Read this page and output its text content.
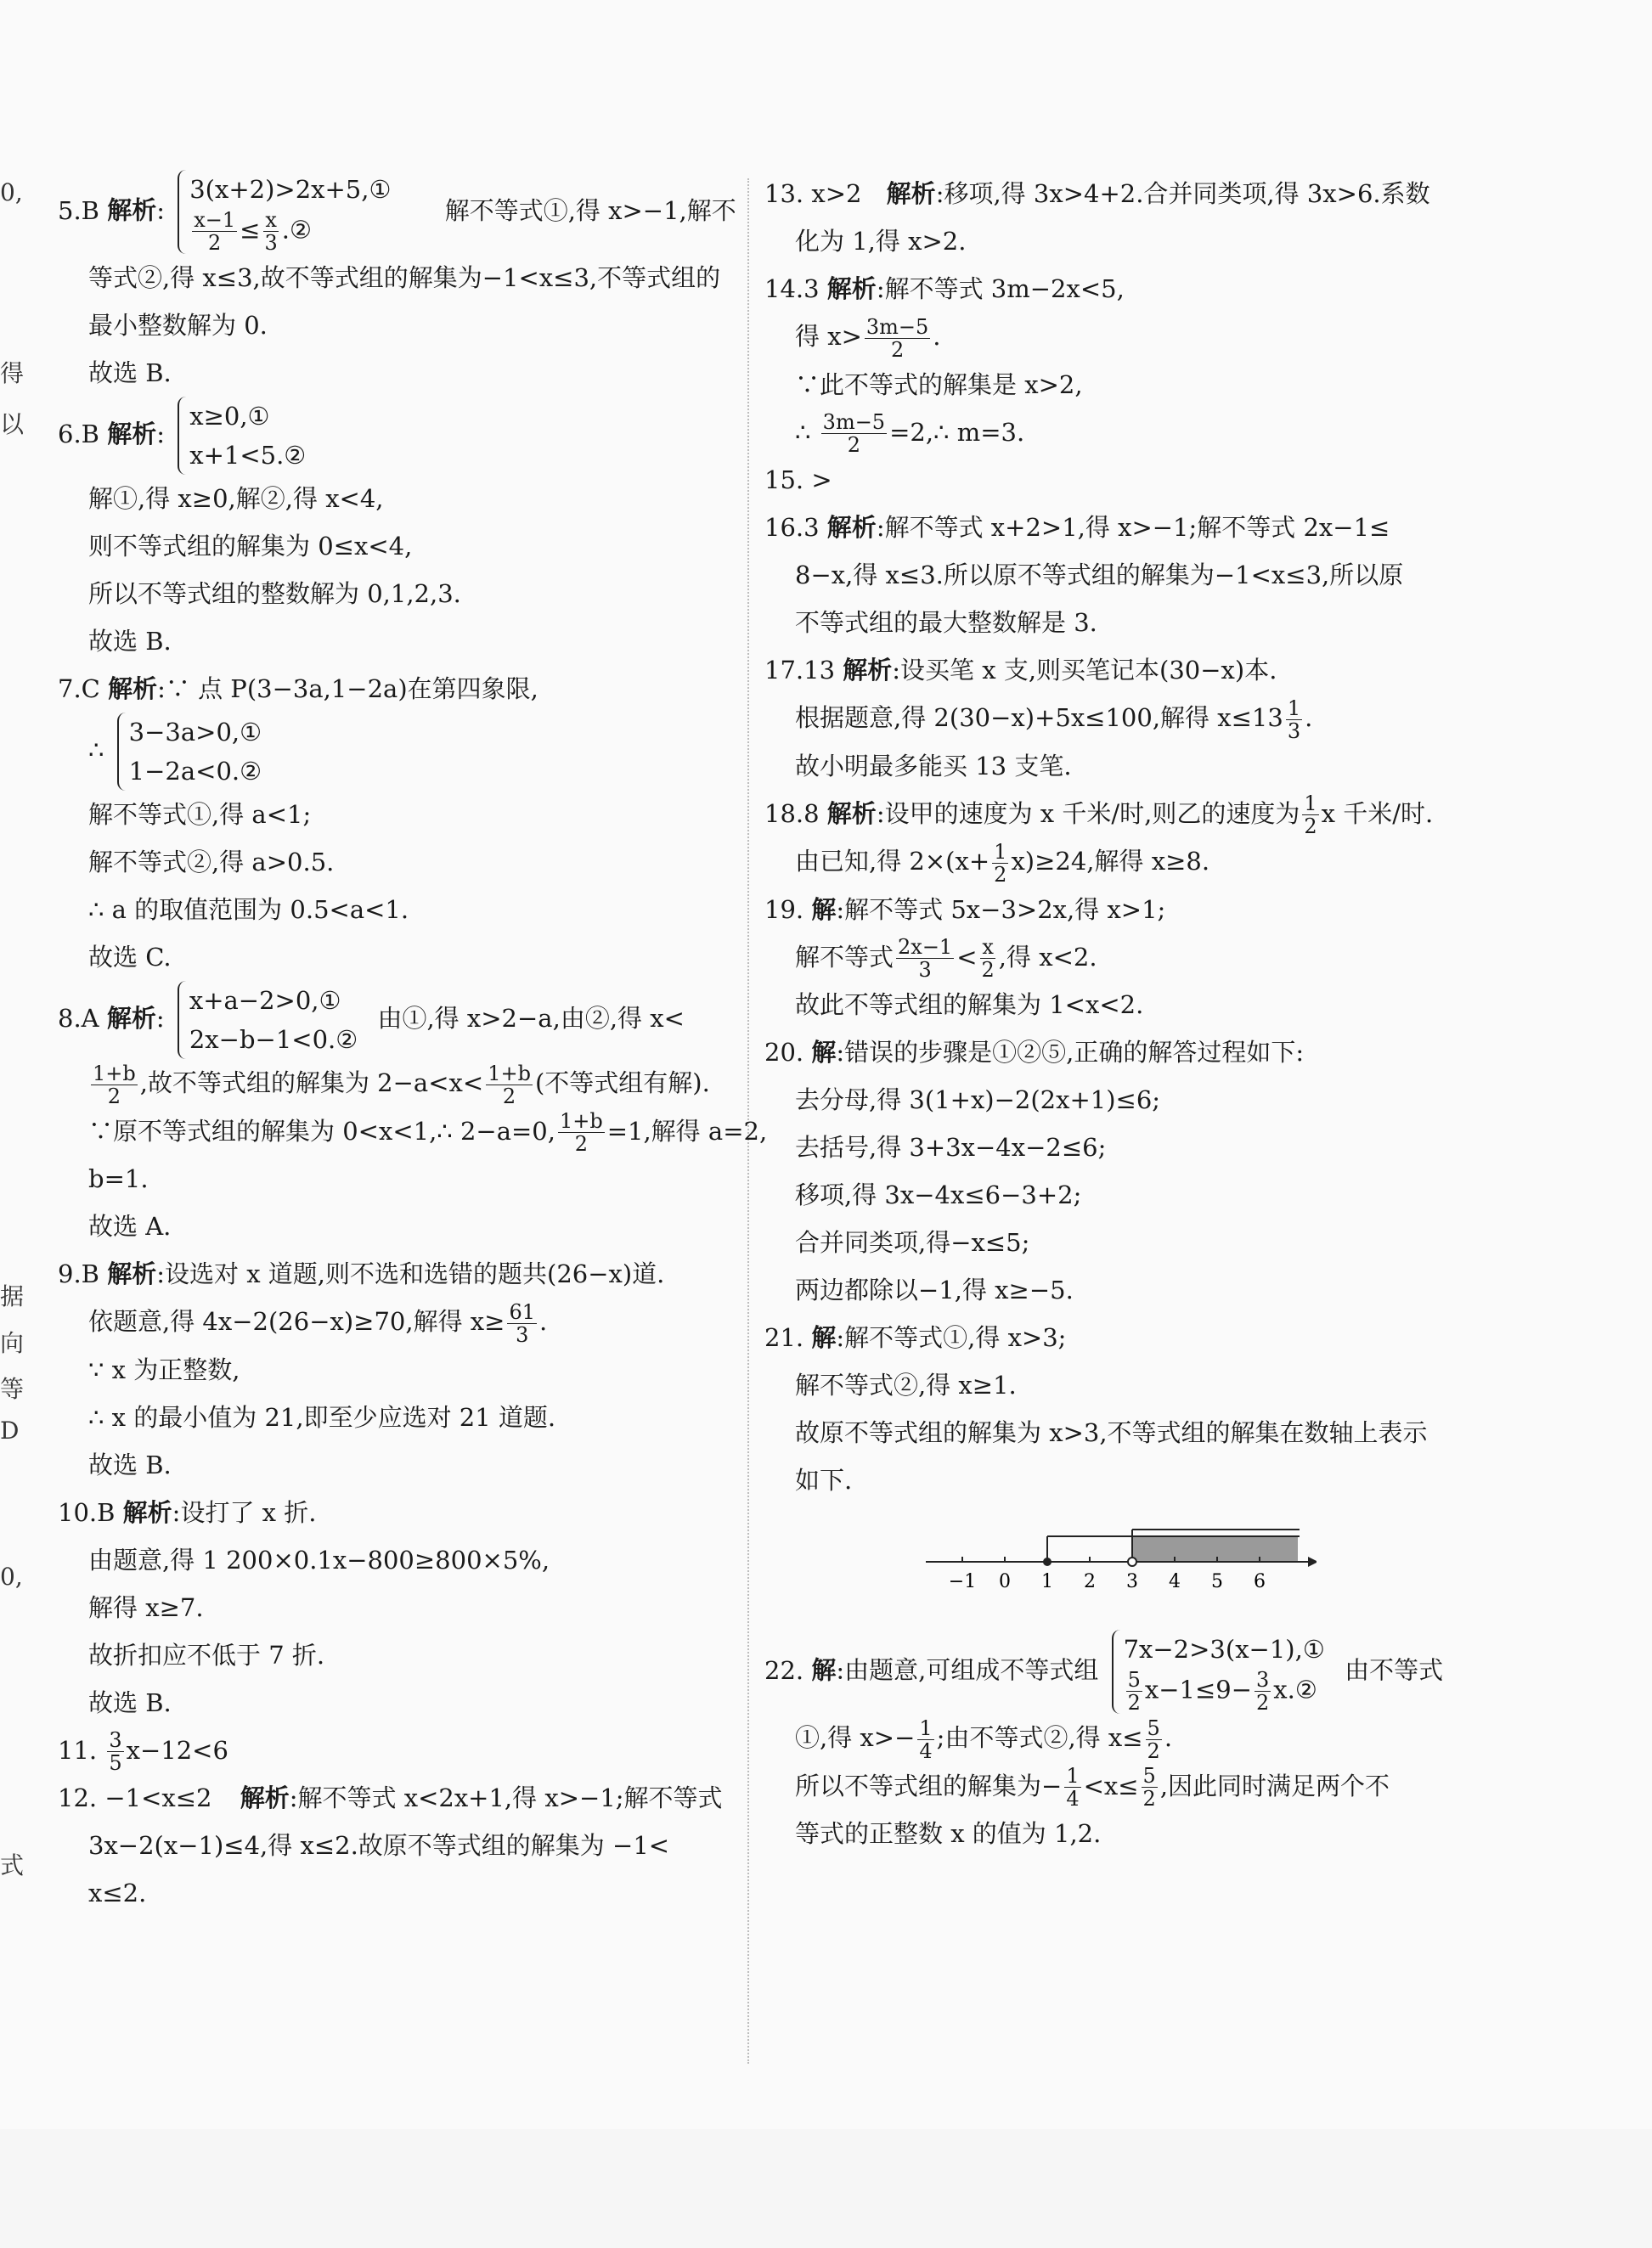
0,
得
以
据
向
等
D
0,
式
5.B 解析:
3(x+2)>2x+5,①
$\frac{x-1}{2} \le \frac{x}{3}$ .②
解不等式①,得 x>−1,解不
等式②,得 x≤3,故不等式组的解集为−1<x≤3,不等式组的
最小整数解为 0.
故选 B.
6.B 解析:
x≥0,①
x+1<5.②
解①,得 x≥0,解②,得 x<4,
则不等式组的解集为 0≤x<4,
所以不等式组的整数解为 0,1,2,3.
故选 B.
7.C 解析:∵ 点 P(3−3a,1−2a)在第四象限,
∴
3−3a>0,①
1−2a<0.②
解不等式①,得 a<1;
解不等式②,得 a>0.5.
∴ a 的取值范围为 0.5<a<1.
故选 C.
8.A 解析:
x+a−2>0,①
2x−b−1<0.②
由①,得 x>2−a,由②,得 x<
$\frac{1+b}{2}$ ,故不等式组的解集为 $2-a<x< \frac{1+b}{2}$ (不等式组有解).
∵原不等式组的解集为 0<x<1,∴ 2−a=0, $\frac{1+b}{2} =1$,解得 a=2,
b=1.
故选 A.
9.B 解析:设选对 x 道题,则不选和选错的题共(26−x)道.
依题意,得 4x−2(26−x)≥70,解得 $x\ge \frac{61}{3}$ .
∵ x 为正整数,
∴ x 的最小值为 21,即至少应选对 21 道题.
故选 B.
10.B 解析:设打了 x 折.
由题意,得 1 200×0.1x−800≥800×5%,
解得 x≥7.
故折扣应不低于 7 折.
故选 B.
11. $\frac{3}{5} x-12<6$
12. −1<x≤2 解析:解不等式 x<2x+1,得 x>−1;解不等式
3x−2(x−1)≤4,得 x≤2.故原不等式组的解集为 −1<
x≤2.
13. x>2 解析:移项,得 3x>4+2.合并同类项,得 3x>6.系数
化为 1,得 x>2.
14.3 解析:解不等式 3m−2x<5,
得 $x> \frac{3m-5}{2}$ .
∵此不等式的解集是 x>2,
∴ $\frac{3m-5}{2}$ =2,∴ m=3.
15. >
16.3 解析:解不等式 x+2>1,得 x>−1;解不等式 2x−1≤
8−x,得 x≤3.所以原不等式组的解集为−1<x≤3,所以原
不等式组的最大整数解是 3.
17.13 解析:设买笔 x 支,则买笔记本(30−x)本.
根据题意,得 2(30−x)+5x≤100,解得 $x\le 13 \frac{1}{3}$ .
故小明最多能买 13 支笔.
18.8 解析:设甲的速度为 x 千米/时,则乙的速度为 $\frac{1}{2}$ x 千米/时.
由已知,得 $2\times(x+ \frac{1}{2} x)\ge 24$,解得 x≥8.
19. 解:解不等式 5x−3>2x,得 x>1;
解不等式 $\frac{2x-1}{3} < \frac{x}{2}$ ,得 x<2.
故此不等式组的解集为 1<x<2.
20. 解:错误的步骤是①②⑤,正确的解答过程如下:
去分母,得 3(1+x)−2(2x+1)≤6;
去括号,得 3+3x−4x−2≤6;
移项,得 3x−4x≤6−3+2;
合并同类项,得−x≤5;
两边都除以−1,得 x≥−5.
21. 解:解不等式①,得 x>3;
解不等式②,得 x≥1.
故原不等式组的解集为 x>3,不等式组的解集在数轴上表示
如下.
−1 0 1 2 3 4 5 6
22. 解:由题意,可组成不等式组
7x−2>3(x−1),①
$\frac{5}{2} x-1\le 9- \frac{3}{2}$ x.②
由不等式
①,得 $x>- \frac{1}{4}$ ;由不等式②,得 $x\le \frac{5}{2}$ .
所以不等式组的解集为− $\frac{1}{4} <x\le \frac{5}{2}$ ,因此同时满足两个不
等式的正整数 x 的值为 1,2.
